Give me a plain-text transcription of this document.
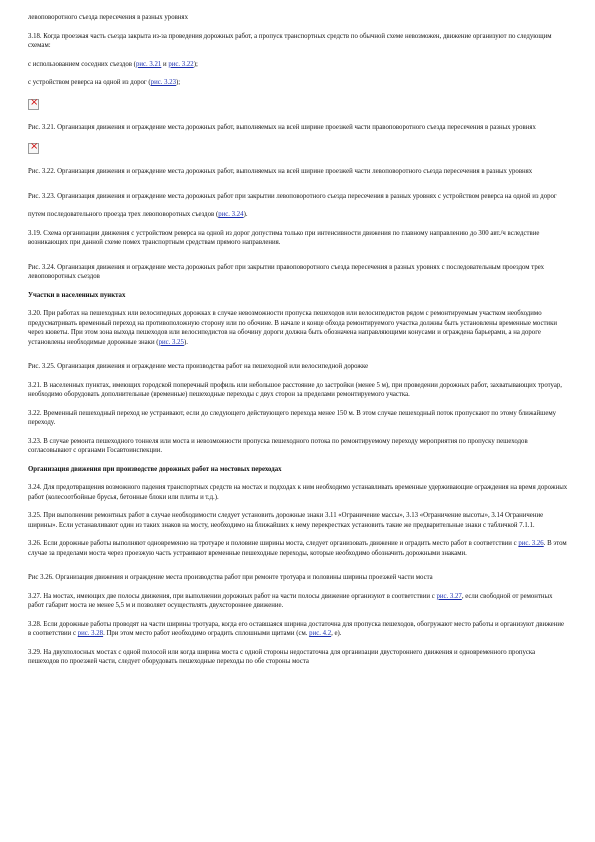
левоповоротного съезда пересечения в разных уровнях

3.18. Когда проезжая часть съезда закрыта из-за проведения дорожных работ, а пропуск транспортных средств по обычной схеме невозможен, движение организуют по следующим схемам:

с использованием соседних съездов (рис. 3.21 и рис. 3.22);

с устройством реверса на одной из дорог (рис. 3.23);

×

Рис. 3.21. Организация движения и ограждение места дорожных работ, выполняемых на всей ширине проезжей части правоповоротного съезда пересечения в разных уровнях

×

Рис. 3.22. Организация движения и ограждение места дорожных работ, выполняемых на всей ширине проезжей части левоповоротного съезда пересечения в разных уровнях

Рис. 3.23. Организация движения и ограждение места дорожных работ при закрытии левоповоротного съезда пересечения в разных уровнях с устройством реверса на одной из дорог

путем последовательного проезда трех левоповоротных съездов (рис. 3.24).

3.19. Схема организации движения с устройством реверса на одной из дорог допустима только при интенсивности движения по главному направлению до 300 авт./ч вследствие возникающих при данной схеме помех транспортным средствам прямого направления.

Рис. 3.24. Организация движения и ограждение места дорожных работ при закрытии правоповоротного съезда пересечения в разных уровнях с последовательным проездом трех левоповоротных съездов

Участки в населенных пунктах

3.20. При работах на пешеходных или велосипедных дорожках в случае невозможности пропуска пешеходов или велосипедистов рядом с ремонтируемым участком необходимо предусматривать временный переход на противоположную сторону или по обочине. В начале и конце обхода ремонтируемого участка должны быть установлены временные мостики через кюветы. При этом зона выхода пешеходов или велосипедистов на обочину дороги должна быть обозначена направляющими конусами и ограждена барьерами, а на дороге установлены необходимые дорожные знаки (рис. 3.25).

Рис. 3.25. Организация движения и ограждение места производства работ на пешеходной или велосипедной дорожке

3.21. В населенных пунктах, имеющих городской поперечный профиль или небольшое расстояние до застройки (менее 5 м), при проведении дорожных работ, захватывающих тротуар, необходимо оборудовать дополнительные (временные) пешеходные переходы с двух сторон за пределами ремонтируемого участка.

3.22. Временный пешеходный переход не устраивают, если до следующего действующего перехода менее 150 м. В этом случае пешеходный поток пропускают по этому ближайшему переходу.

3.23. В случае ремонта пешеходного тоннеля или моста и невозможности пропуска пешеходного потока по ремонтируемому переходу мероприятия по пропуску пешеходов согласовывают с органами Госавтоинспекции.

Организация движения при производстве дорожных работ на мостовых переходах

3.24. Для предотвращения возможного падения транспортных средств на мостах и подходах к ним необходимо устанавливать временные удерживающие ограждения на время дорожных работ (колесоотбойные брусья, бетонные блоки или плиты и т.д.).

3.25. При выполнении ремонтных работ в случае необходимости следует установить дорожные знаки 3.11 «Ограничение массы», 3.13 «Ограничение высоты», 3.14 Ограничение ширины». Если устанавливают один из таких знаков на мосту, необходимо на ближайших к нему перекрестках установить такие же предварительные знаки с табличкой 7.1.1.

3.26. Если дорожные работы выполняют одновременно на тротуаре и половине ширины моста, следует организовать движение и оградить место работ в соответствии с рис. 3.26. В этом случае за пределами моста через проезжую часть устраивают временные пешеходные переходы, которые необходимо обозначить дорожными знаками.

Рис 3.26. Организация движения и ограждение места производства работ при ремонте тротуара и половины ширины проезжей части моста

3.27. На мостах, имеющих две полосы движения, при выполнении дорожных работ на части полосы движение организуют в соответствии с рис. 3.27, если свободной от ремонтных работ габарит моста не менее 5,5 м и позволяет осуществлять двухстороннее движение.

3.28. Если дорожные работы проводят на части ширины тротуара, когда его оставшаяся ширина достаточна для пропуска пешеходов, обогружают место работы и организуют движение в соответствии с рис. 3.28. При этом место работ необходимо оградить сплошными щитами (см. рис. 4.2, е).

3.29. На двухполосных мостах с одной полосой или когда ширина моста с одной стороны недостаточна для организации двустороннего движения и одновременного пропуска пешеходов по проезжей части, следует оборудовать пешеходные переходы по обе стороны моста
